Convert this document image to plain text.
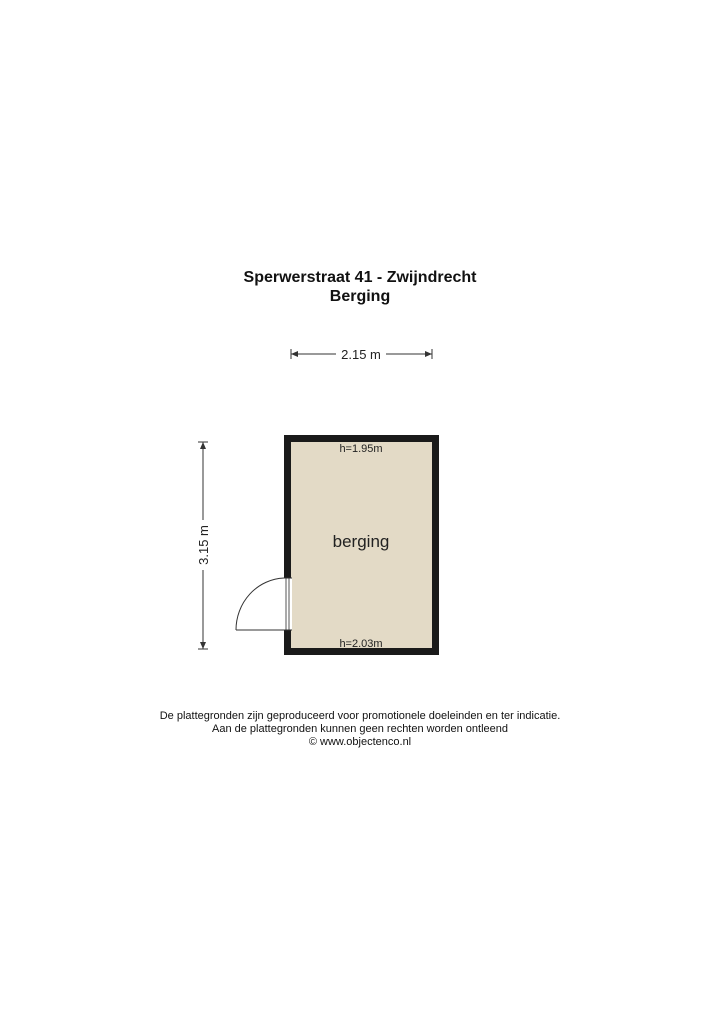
Sperwerstraat 41 - Zwijndrecht
Berging
2.15 m
3.15 m
h=1.95m
berging
h=2.03m
De plattegronden zijn geproduceerd voor promotionele doeleinden en ter indicatie.
Aan de plattegronden kunnen geen rechten worden ontleend
© www.objectenco.nl
